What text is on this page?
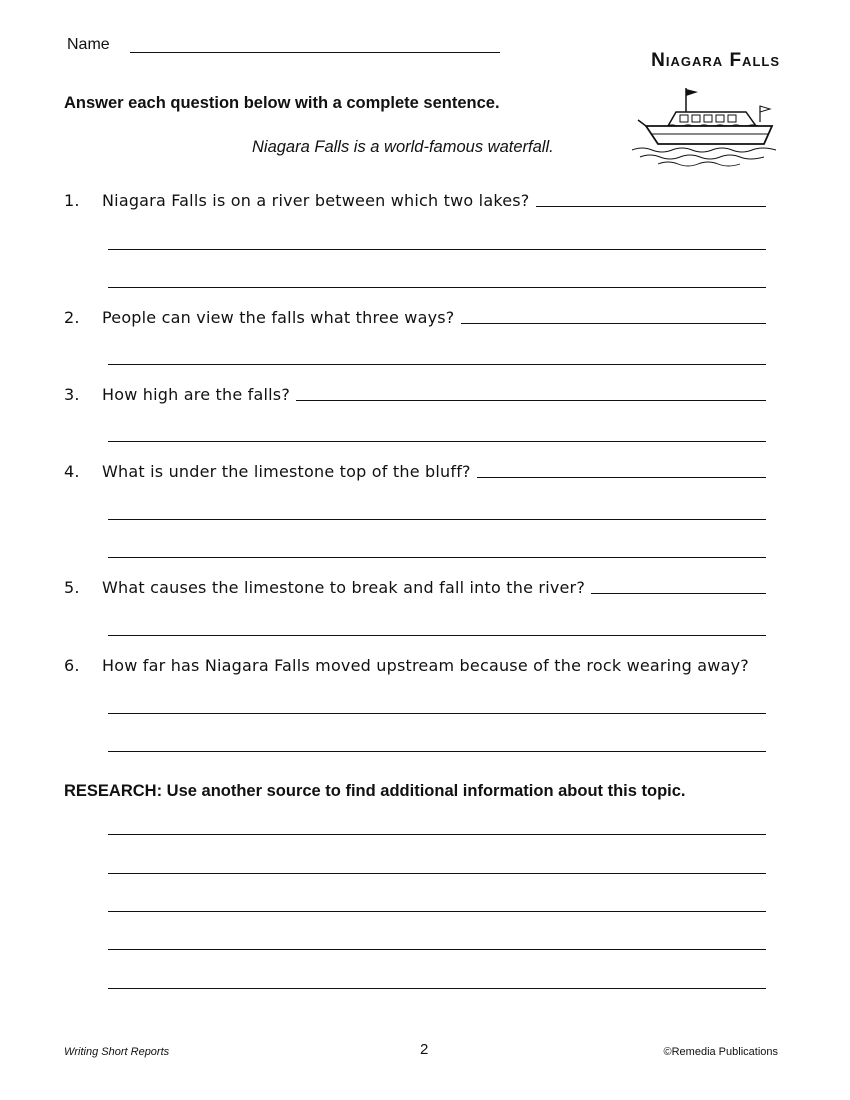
Name
Niagara Falls
Answer each question below with a complete sentence.
Niagara Falls is a world-famous waterfall.
1.	Niagara Falls is on a river between which two lakes?
2.	People can view the falls what three ways?
3.	How high are the falls?
4.	What is under the limestone top of the bluff?
5.	What causes the limestone to break and fall into the river?
6.	How far has Niagara Falls moved upstream because of the rock wearing away?
RESEARCH: Use another source to find additional information about this topic.
Writing Short Reports	2	©Remedia Publications
